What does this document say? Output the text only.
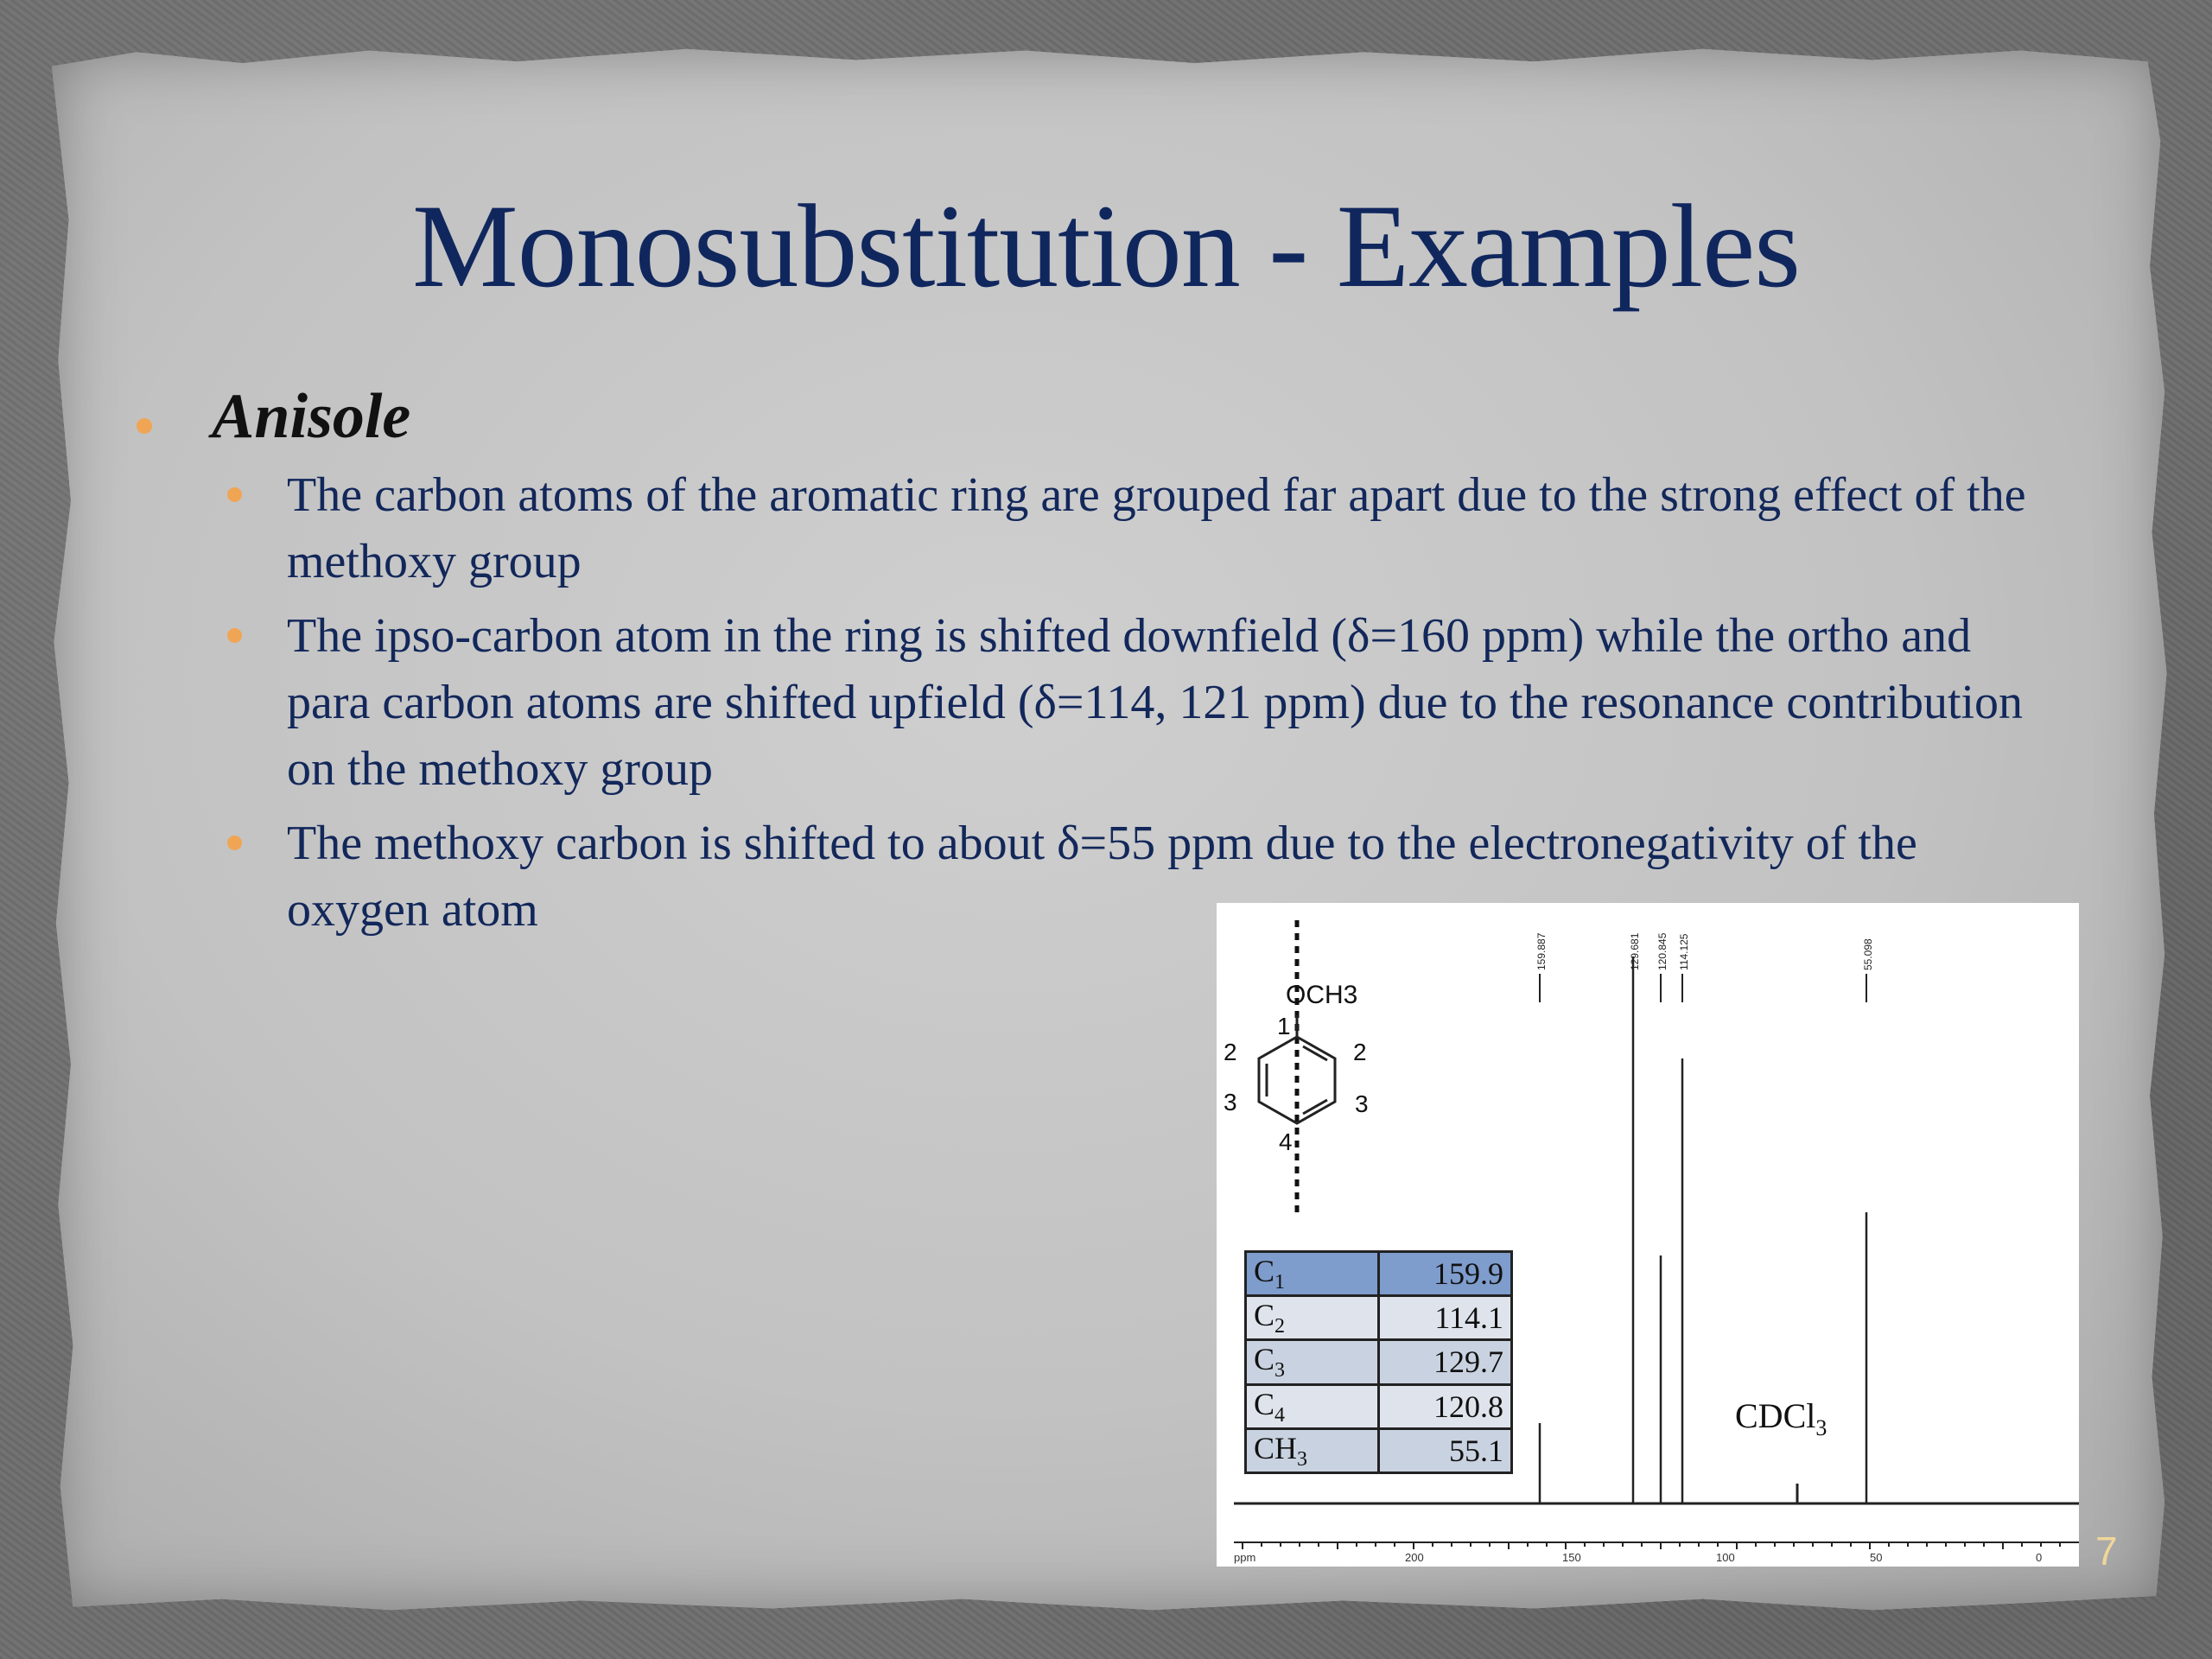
Monosubstitution - Examples
Anisole
The carbon atoms of the aromatic ring are grouped far apart due to the strong effect of the methoxy group
The ipso-carbon atom in the ring is shifted downfield (δ=160 ppm) while the ortho and para carbon atoms are shifted upfield (δ=114, 121 ppm) due to the resonance contribution on the methoxy group
The methoxy carbon is shifted to about δ=55 ppm due to the electronegativity of the oxygen atom
OCH3
1
2	2
3	3
4
159.887	129.681 120.845 114.125	55.098
ppm	200	150	100	50	0
$C_1$	159.9
$C_2$	114.1
$C_3$	129.7
$C_4$	120.8
$CH_3$	55.1
CDCl$_3$
7
